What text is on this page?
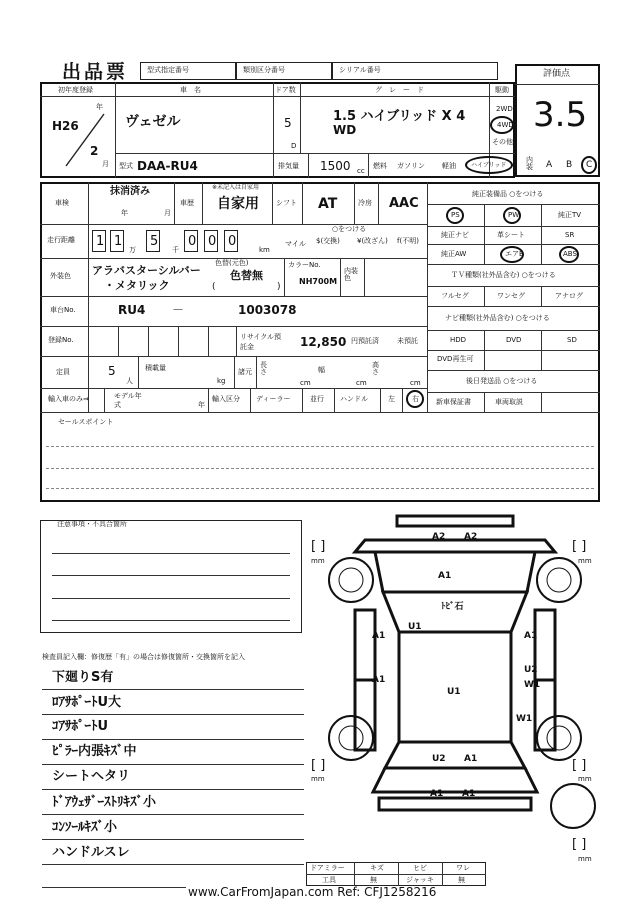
出品票	型式指定番号	類別区分番号	シリアル番号	評価点
3.5
初年度登録
年
月
H26
2
車　名
ヴェゼル
ドア数
5
D
グ　レ　ー　ド
1.5 ハイブリッド X 4
WD
駆動
2WD
4WD
その他
型式 DAA-RU4	排気量 1500 cc
燃料 ガソリン 軽油	ハイブリッド
内装 A B C
車検
抹消済み
年	月
車歴
※未記入は自家用
自家用 シフト AT	冷房 AAC
走行距離 1 1
万
5
千
0 0 0
km
マイル
○をつける
$(交換) ¥(改ざん) f(不明)
外装色 アラバスターシルバー
・メタリック
色替(元色)
色替無
(	)
カラーNo.
NH700M
内装色
車台No.	RU4 －	1003078
登録No.	リサイクル預託金	12,850 円預託済	未預託
定員	5
人
積載量
kg
諸元
長さ
cm
幅
cm
高さ
cm
輸入車のみ⇒	モデル年式	年
輸入区分 ディーラー	並行 ハンドル	左 右
セールスポイント
純正装備品 ○をつける
PS	PW	純正TV
純正ナビ	革シート	SR
純正AW	エアB	ABS
ＴＶ種類(社外品含む) ○をつける
フルセグ	ワンセグ	アナログ
ナビ種類(社外品含む) ○をつける
HDD	DVD	SD
DVD再生可
後日発送品 ○をつける
新車保証書	車両取説
注意事項・不具合箇所
検査員記入欄：修復歴「有」の場合は修復箇所・交換箇所を記入
下廻りS有
ﾛｱｻﾎﾟｰﾄU大
ｺｱｻﾎﾟｰﾄU
ﾋﾟﾗｰ内張ｷｽﾞ中
シートヘタリ
ﾄﾞｱｳｪｻﾞｰｽﾄﾘｷｽﾞ小
ｺﾝｿｰﾙｷｽﾞ小
ハンドルスレ
[ ]
mm
[ ]
mm
[ ]
mm
[ ]
mm
[ ]
mm
A2 A2
A1
ﾄﾋﾞ石
U1
A1	A1
A1
U2
W1
U1
W1
U2 A1
A1 A1
ドアミラー	キズ	ヒビ	ワレ
工具	無	ジャッキ	無
www.CarFromJapan.com Ref: CFJ1258216
